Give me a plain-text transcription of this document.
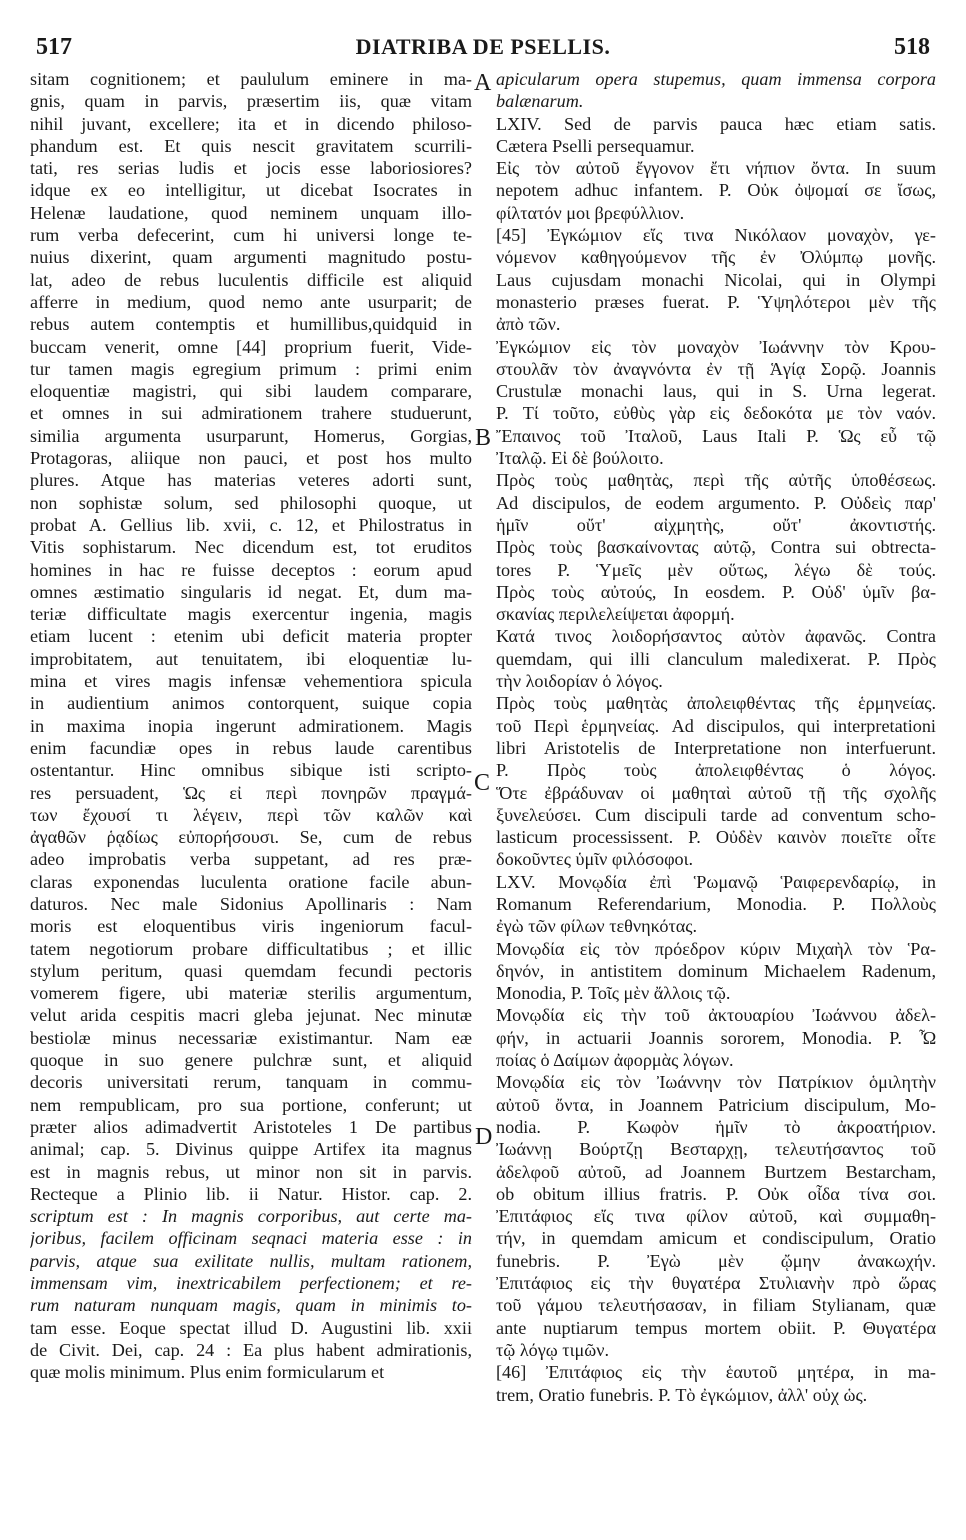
517	DIATRIBA DE PSELLIS.	518
sitam cognitionem; et paululum eminere in ma-
gnis, quam in parvis, præsertim iis, quæ vitam
nihil juvant, excellere; ita et in dicendo philoso-
phandum est. Et quis nescit gravitatem scurrili-
tati, res serias ludis et jocis esse laboriosiores?
idque ex eo intelligitur, ut dicebat Isocrates in
Helenæ laudatione, quod neminem unquam illo-
rum verba defecerint, cum hi universi longe te-
nuius dixerint, quam argumenti magnitudo postu-
lat, adeo de rebus luculentis difficile est aliquid
afferre in medium, quod nemo ante usurparit; de
rebus autem contemptis et humillibus,quidquid in
buccam venerit, omne [44] proprium fuerit, Vide-
tur tamen magis egregium primum : primi enim
eloquentiæ magistri, qui sibi laudem comparare,
et omnes in sui admirationem trahere studuerunt,
similia argumenta usurparunt, Homerus, Gorgias,
Protagoras, aliique non pauci, et post hos multo
plures. Atque has materias veteres adorti sunt,
non sophistæ solum, sed philosophi quoque, ut
probat A. Gellius lib. xvii, c. 12, et Philostratus in
Vitis sophistarum. Nec dicendum est, tot eruditos
homines in hac re fuisse deceptos : eorum apud
omnes æstimatio singularis id negat. Et, dum ma-
teriæ difficultate magis exercentur ingenia, magis
etiam lucent : etenim ubi deficit materia propter
improbitatem, aut tenuitatem, ibi eloquentiæ lu-
mina et vires magis infensæ vehementiora spicula
in audientium animos contorquent, suique copia
in maxima inopia ingerunt admirationem. Magis
enim facundiæ opes in rebus laude carentibus
ostentantur. Hinc omnibus sibique isti scripto-
res persuadent, Ὡς εἰ περὶ πονηρῶν πραγμά-
των ἔχουσί τι λέγειν, περὶ τῶν καλῶν καὶ
ἀγαθῶν ῥᾳδίως εὐπορήσουσι. Se, cum de rebus
adeo improbatis verba suppetant, ad res præ-
claras exponendas luculenta oratione facile abun-
daturos. Nec male Sidonius Apollinaris : Nam
moris est eloquentibus viris ingeniorum facul-
tatem negotiorum probare difficultatibus ; et illic
stylum peritum, quasi quemdam fecundi pectoris
vomerem figere, ubi materiæ sterilis argumentum,
velut arida cespitis macri gleba jejunat. Nec minutæ
bestiolæ minus necessariæ existimantur. Nam eæ
quoque in suo genere pulchræ sunt, et aliquid
decoris universitati rerum, tanquam in commu-
nem rempublicam, pro sua portione, conferunt; ut
præter alios adimadvertit Aristoteles 1 De partibus
animal; cap. 5. Divinus quippe Artifex ita magnus
est in magnis rebus, ut minor non sit in parvis.
Recteque a Plinio lib. ii Natur. Histor. cap. 2.
scriptum est : In magnis corporibus, aut certe ma-
joribus, facilem officinam seqnaci materia esse : in
parvis, atque sua exilitate nullis, multam rationem,
immensam vim, inextricabilem perfectionem; et re-
rum naturam nunquam magis, quam in minimis to-
tam esse. Eoque spectat illud D. Augustini lib. xxii
de Civit. Dei, cap. 24 : Ea plus habent admirationis,
quæ molis minimum. Plus enim formicularum et
apicularum opera stupemus, quam immensa corpora
balænarum.
LXIV. Sed de parvis pauca hæc etiam satis.
Cætera Pselli persequamur.
Εἰς τὸν αὐτοῦ ἔγγονον ἔτι νήπιον ὄντα. In suum
nepotem adhuc infantem. P. Οὐκ ὀψομαί σε ἴσως,
φίλτατόν μοι βρεφύλλιον.
[45] Ἐγκώμιον εἴς τινα Νικόλαον μοναχὸν, γε-
νόμενον καθηγούμενον τῆς ἐν Ὀλύμπῳ μονῆς.
Laus cujusdam monachi Nicolai, qui in Olympi
monasterio præses fuerat. P. Ὑψηλότεροι μὲν τῆς
ἀπὸ τῶν.
Ἐγκώμιον εἰς τὸν μοναχὸν Ἰωάννην τὸν Κρου-
στουλᾶν τὸν ἀναγνόντα ἐν τῇ Ἁγίᾳ Σορῷ. Joannis
Crustulæ monachi laus, qui in S. Urna legerat.
P. Τί τοῦτο, εὐθὺς γὰρ εἰς δεδοκότα με τὸν ναόν.
Ἔπαινος τοῦ Ἰταλοῦ, Laus Itali P. Ὡς εὖ τῷ
Ἰταλῷ. Εἰ δὲ βούλοιτο.
Πρὸς τοὺς μαθητὰς, περὶ τῆς αὐτῆς ὑποθέσεως.
Ad discipulos, de eodem argumento. P. Οὐδεὶς παρ'
ἡμῖν οὔτ' αἰχμητὴς, οὔτ' ἀκοντιστής.
Πρὸς τοὺς βασκαίνοντας αὐτῷ, Contra sui obtrecta-
tores P. Ὑμεῖς μὲν οὕτως, λέγω δὲ τούς.
Πρὸς τοὺς αὐτούς, In eosdem. P. Οὐδ' ὑμῖν βα-
σκανίας περιλελείψεται ἀφορμή.
Κατά τινος λοιδορήσαντος αὐτὸν ἀφανῶς. Contra
quemdam, qui illi clanculum maledixerat. P. Πρὸς
τὴν λοιδορίαν ὁ λόγος.
Πρὸς τοὺς μαθητὰς ἀπολειφθέντας τῆς ἑρμηνείας.
τοῦ Περὶ ἑρμηνείας. Ad discipulos, qui interpretationi
libri Aristotelis de Interpretatione non interfuerunt.
P. Πρὸς τοὺς ἀπολειφθέντας ὁ λόγος.
Ὅτε ἐβράδυναν οἱ μαθηταὶ αὐτοῦ τῇ τῆς σχολῆς
ξυνελεύσει. Cum discipuli tarde ad conventum scho-
lasticum processissent. P. Οὐδὲν καινὸν ποιεῖτε οἶτε
δοκοῦντες ὑμῖν φιλόσοφοι.
LXV. Μονῳδία ἐπὶ Ῥωμανῷ Ῥαιφερενδαρίῳ, in
Romanum Referendarium, Monodia. P. Πολλοὺς
ἐγὼ τῶν φίλων τεθνηκότας.
Μονῳδία εἰς τὸν πρόεδρον κύριν Μιχαὴλ τὸν Ῥα-
δηνόν, in antistitem dominum Michaelem Radenum,
Monodia, P. Τοῖς μὲν ἄλλοις τῷ.
Μονῳδία εἰς τὴν τοῦ ἀκτουαρίου Ἰωάννου ἀδελ-
φήν, in actuarii Joannis sororem, Monodia. P. Ὦ
ποίας ὁ Δαίμων ἀφορμὰς λόγων.
Μονῳδία εἰς τὸν Ἰωάννην τὸν Πατρίκιον ὁμιλητὴν
αὐτοῦ ὄντα, in Joannem Patricium discipulum, Mo-
nodia. P. Κωφὸν ἡμῖν τὸ ἀκροατήριον.
Ἰωάννῃ Βούρτζῃ Βεσταρχῃ, τελευτήσαντος τοῦ
ἀδελφοῦ αὐτοῦ, ad Joannem Burtzem Bestarcham,
ob obitum illius fratris. P. Οὐκ οἶδα τίνα σοι.
Ἐπιτάφιος εἴς τινα φίλον αὐτοῦ, καὶ συμμαθη-
τήν, in quemdam amicum et condiscipulum, Oratio
funebris. P. Ἐγὼ μὲν ᾤμην ἀνακωχήν.
Ἐπιτάφιος εἰς τὴν θυγατέρα Στυλιανὴν πρὸ ὥρας
τοῦ γάμου τελευτήσασαν, in filiam Stylianam, quæ
ante nuptiarum tempus mortem obiit. P. Θυγατέρα
τῷ λόγῳ τιμῶν.
[46] Ἐπιτάφιος εἰς τὴν ἑαυτοῦ μητέρα, in ma-
trem, Oratio funebris. P. Τὸ ἐγκώμιον, ἀλλ' οὐχ ὡς.
A
B
C
D
